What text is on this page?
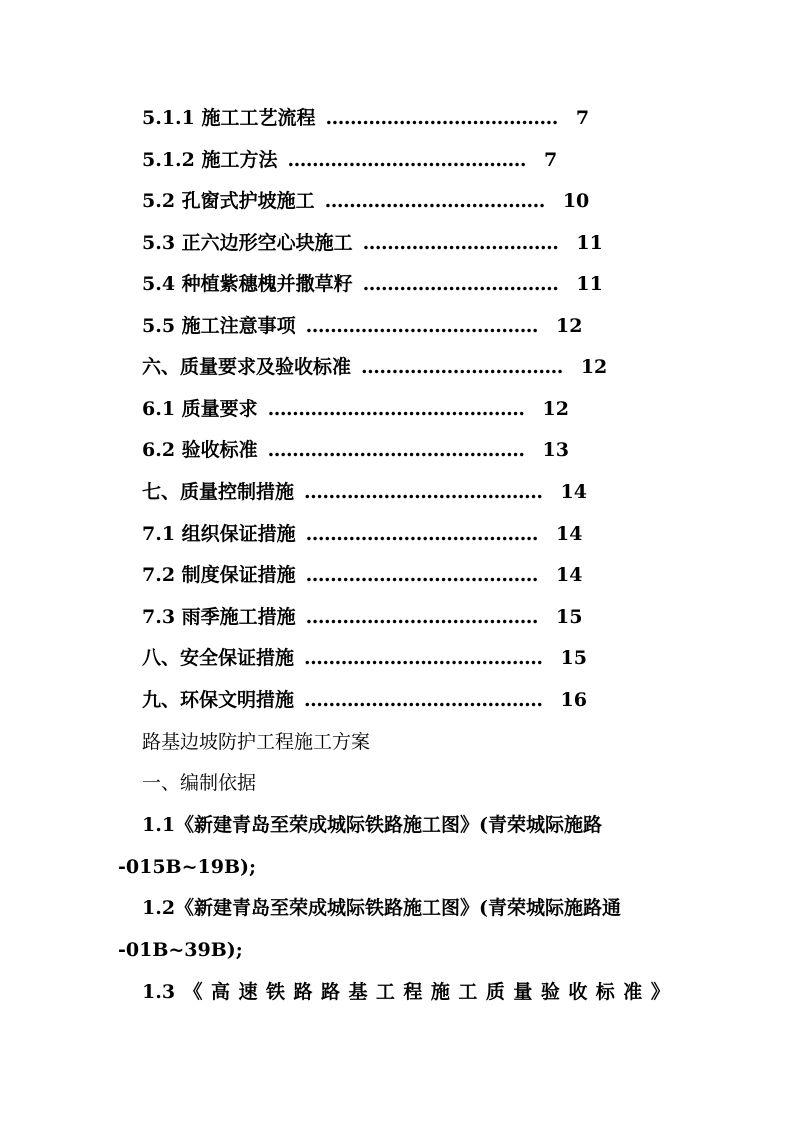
5.1.1 施工工艺流程 ...................................... 7
5.1.2 施工方法 ....................................... 7
5.2 孔窗式护坡施工 .................................... 10
5.3 正六边形空心块施工 ................................ 11
5.4 种植紫穗槐并撒草籽 ................................ 11
5.5 施工注意事项 ...................................... 12
六、质量要求及验收标准 ................................. 12
6.1 质量要求 .......................................... 12
6.2 验收标准 .......................................... 13
七、质量控制措施 ....................................... 14
7.1 组织保证措施 ...................................... 14
7.2 制度保证措施 ...................................... 14
7.3 雨季施工措施 ...................................... 15
八、安全保证措施 ....................................... 15
九、环保文明措施 ....................................... 16
路基边坡防护工程施工方案
一、编制依据
1.1《新建青岛至荣成城际铁路施工图》(青荣城际施路
-015B~19B);
1.2《新建青岛至荣成城际铁路施工图》(青荣城际施路通
-01B~39B);
1.3 《 高 速 铁 路 路 基 工 程 施 工 质 量 验 收 标 准 》
